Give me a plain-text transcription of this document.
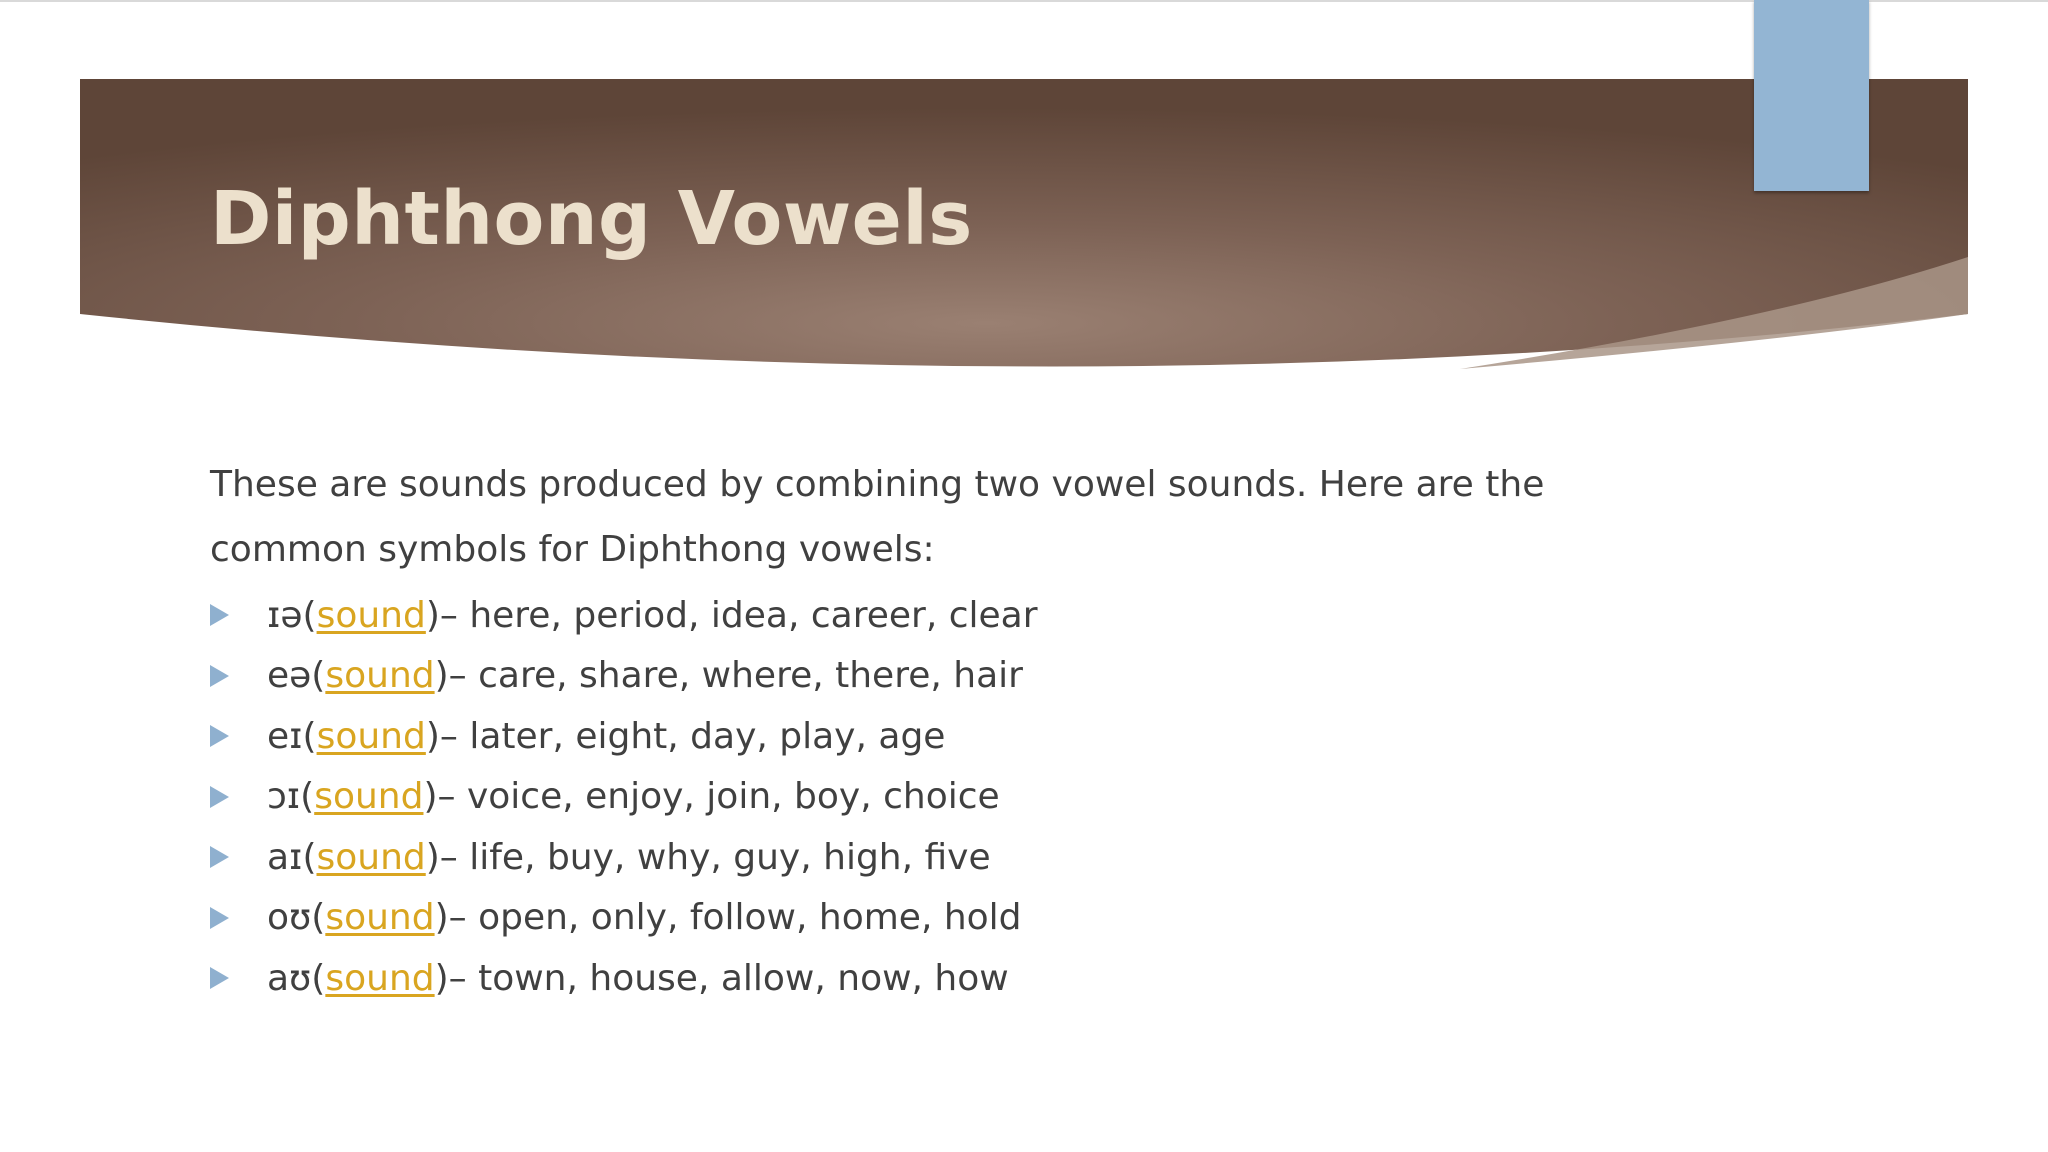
Diphthong Vowels

These are sounds produced by combining two vowel sounds. Here are the common symbols for Diphthong vowels:

ɪə ( sound ) – here, period, idea, career, clear
eə ( sound ) – care, share, where, there, hair
eɪ ( sound ) – later, eight, day, play, age
ɔɪ ( sound ) – voice, enjoy, join, boy, choice
aɪ ( sound ) – life, buy, why, guy, high, five
oʊ ( sound ) – open, only, follow, home, hold
aʊ ( sound ) – town, house, allow, now, how
